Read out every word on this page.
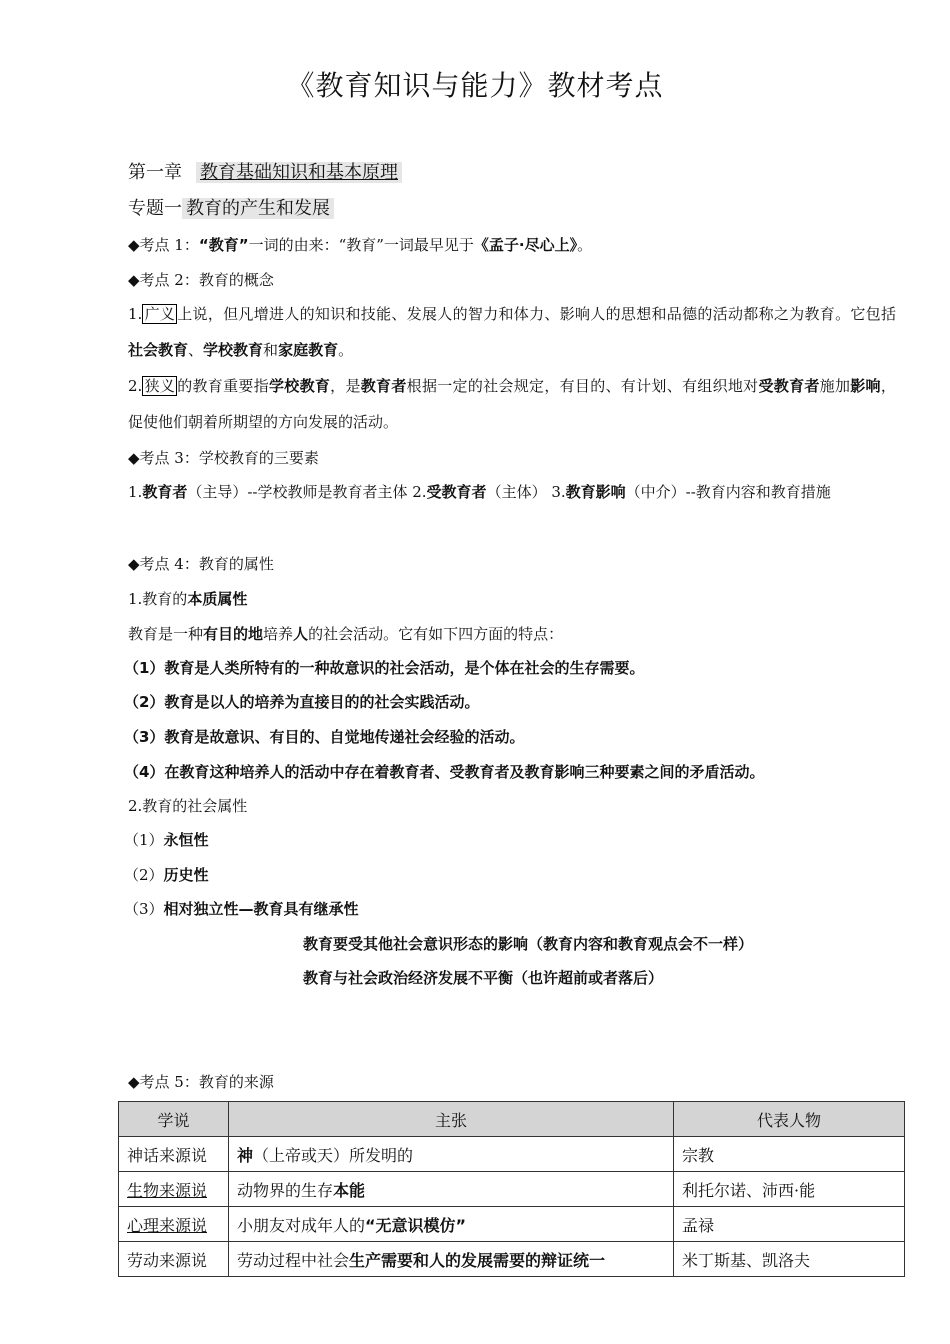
《教育知识与能力》教材考点
第一章 教育基础知识和基本原理
专题一 教育的产生和发展
◆考点 1：“教育”一词的由来：“教育”一词最早见于《孟子·尽心上》。
◆考点 2：教育的概念
1. 广义 上说，但凡增进人的知识和技能、发展人的智力和体力、影响人的思想和品德的活动都称之为教育。它包括社会教育、学校教育和家庭教育。
2. 狭义 的教育重要指学校教育，是教育者根据一定的社会规定，有目的、有计划、有组织地对受教育者施加影响，促使他们朝着所期望的方向发展的活动。
◆考点 3：学校教育的三要素
1.教育者（主导）--学校教师是教育者主体 2.受教育者（主体） 3.教育影响（中介）--教育内容和教育措施
◆考点 4：教育的属性
1.教育的本质属性
教育是一种有目的地培养人的社会活动。它有如下四方面的特点：
（1）教育是人类所特有的一种故意识的社会活动，是个体在社会的生存需要。
（2）教育是以人的培养为直接目的的社会实践活动。
（3）教育是故意识、有目的、自觉地传递社会经验的活动。
（4）在教育这种培养人的活动中存在着教育者、受教育者及教育影响三种要素之间的矛盾活动。
2.教育的社会属性
（1）永恒性
（2）历史性
（3）相对独立性—教育具有继承性
教育要受其他社会意识形态的影响（教育内容和教育观点会不一样）
教育与社会政治经济发展不平衡（也许超前或者落后）
◆考点 5：教育的来源
学说	主张	代表人物
神话来源说	神（上帝或天）所发明的	宗教
生物来源说	动物界的生存本能	利托尔诺、沛西·能
心理来源说	小朋友对成年人的“无意识模仿”	孟禄
劳动来源说	劳动过程中社会生产需要和人的发展需要的辩证统一	米丁斯基、凯洛夫
